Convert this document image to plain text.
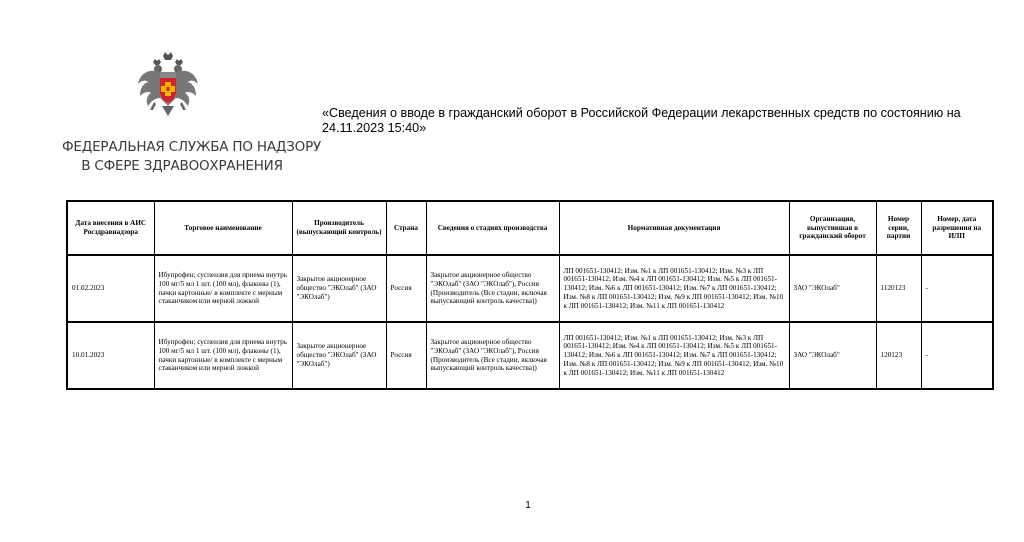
ФЕДЕРАЛЬНАЯ СЛУЖБА ПО НАДЗОРУ
В СФЕРЕ ЗДРАВООХРАНЕНИЯ
«Сведения о вводе в гражданский оборот в Российской Федерации лекарственных средств по состоянию на 24.11.2023 15:40»
Дата внесения в АИС Росздравнадзора	Торговое наименование	Производитель (выпускающий контроль)	Страна	Сведения о стадиях производства	Нормативная документация	Организация, выпустившая в гражданский оборот	Номер серии, партии	Номер, дата разрешения на ИЛП
01.02.2023	Ибупрофен; суспензия для приема внутрь 100 мг/5 мл 1 шт. (100 мл), флаконы (1), пачки картонные/ в комплекте с мерным стаканчиком или мерной ложкой	Закрытое акционерное общество "ЭКОлаб" (ЗАО "ЭКОлаб")	Россия	Закрытое акционерное общество "ЭКОлаб" (ЗАО "ЭКОлаб"), Россия (Производитель (Все стадии, включая выпускающий контроль качества))	ЛП 001651-130412; Изм. №1 к ЛП 001651-130412; Изм. №3 к ЛП 001651-130412; Изм. №4 к ЛП 001651-130412; Изм. №5 к ЛП 001651-130412; Изм. №6 к ЛП 001651-130412; Изм. №7 к ЛП 001651-130412; Изм. №8 к ЛП 001651-130412; Изм. №9 к ЛП 001651-130412; Изм. №10 к ЛП 001651-130412; Изм. №11 к ЛП 001651-130412	ЗАО "ЭКОлаб"	1120123	-
10.01.2023	Ибупрофен; суспензия для приема внутрь 100 мг/5 мл 1 шт. (100 мл), флаконы (1), пачки картонные/ в комплекте с мерным стаканчиком или мерной ложкой	Закрытое акционерное общество "ЭКОлаб" (ЗАО "ЭКОлаб")	Россия	Закрытое акционерное общество "ЭКОлаб" (ЗАО "ЭКОлаб"), Россия (Производитель (Все стадии, включая выпускающий контроль качества))	ЛП 001651-130412; Изм. №1 к ЛП 001651-130412; Изм. №3 к ЛП 001651-130412; Изм. №4 к ЛП 001651-130412; Изм. №5 к ЛП 001651-130412; Изм. №6 к ЛП 001651-130412; Изм. №7 к ЛП 001651-130412; Изм. №8 к ЛП 001651-130412; Изм. №9 к ЛП 001651-130412; Изм. №10 к ЛП 001651-130412; Изм. №11 к ЛП 001651-130412	ЗАО "ЭКОлаб"	120123	-
1
